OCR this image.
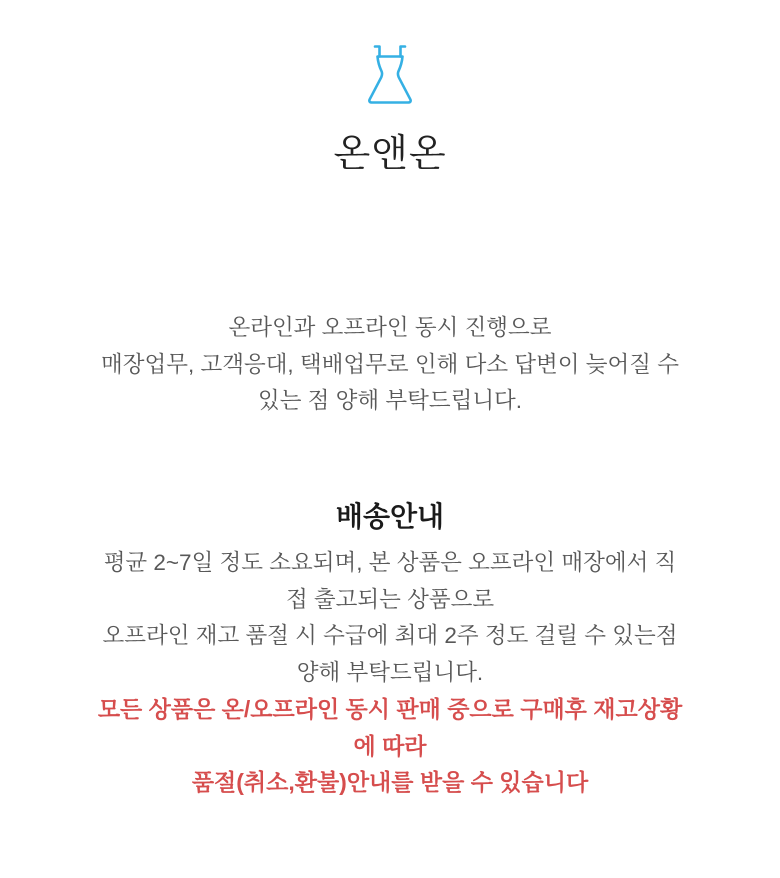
온앤온
온라인과 오프라인 동시 진행으로
매장업무, 고객응대, 택배업무로 인해 다소 답변이 늦어질 수
있는 점 양해 부탁드립니다.
배송안내
평균 2~7일 정도 소요되며, 본 상품은 오프라인 매장에서 직
접 출고되는 상품으로
오프라인 재고 품절 시 수급에 최대 2주 정도 걸릴 수 있는점
양해 부탁드립니다.
모든 상품은 온/오프라인 동시 판매 중으로 구매후 재고상황
에 따라
품절(취소,환불)안내를 받을 수 있습니다
